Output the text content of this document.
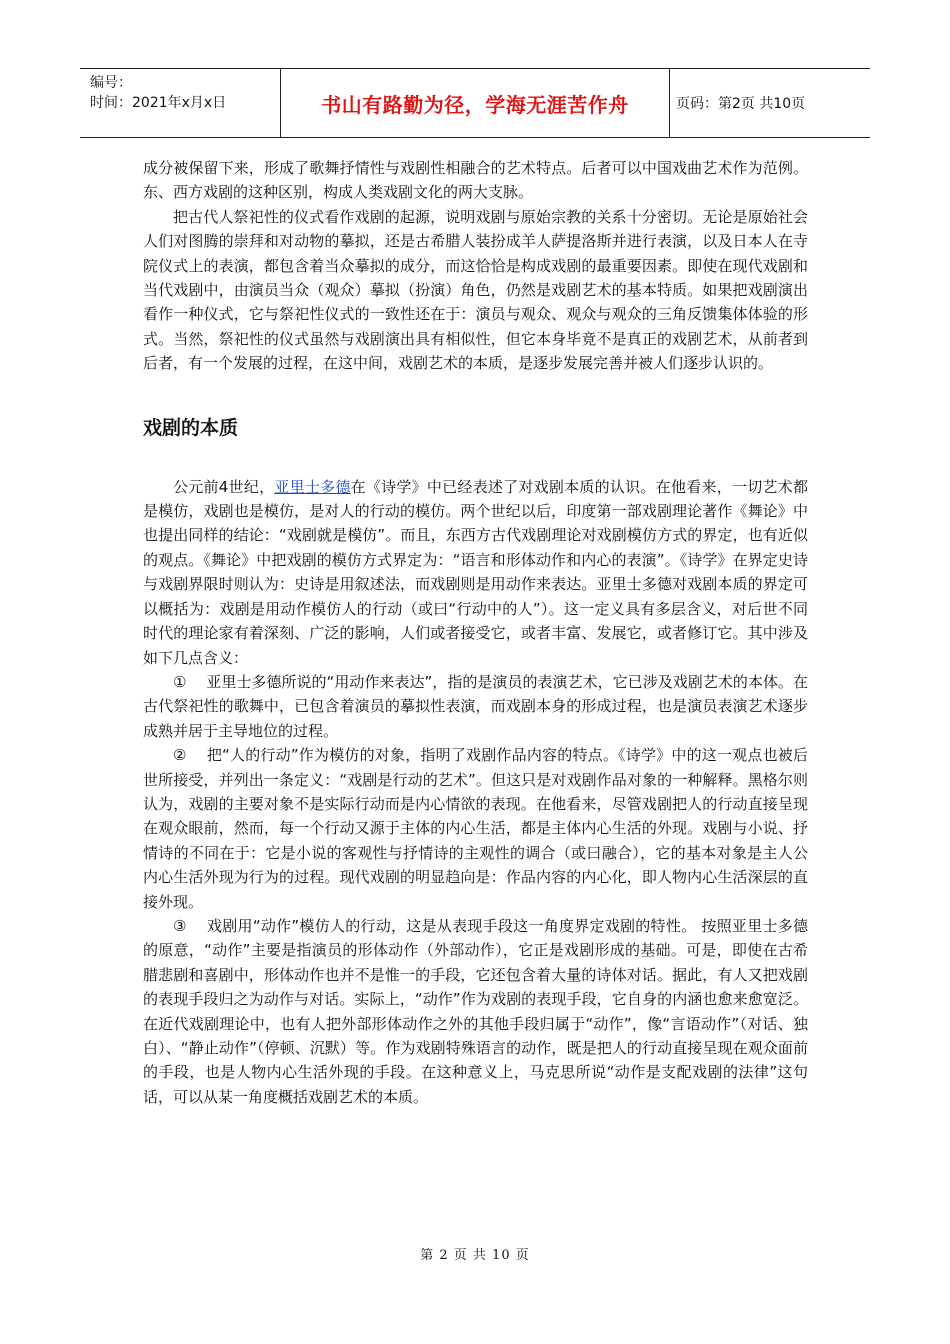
编号：
时间：2021年x月x日	书山有路勤为径，学海无涯苦作舟	页码：第2页 共10页

成分被保留下来，形成了歌舞抒情性与戏剧性相融合的艺术特点。后者可以中国戏曲艺术作为范例。东、西方戏剧的这种区别，构成人类戏剧文化的两大支脉。

把古代人祭祀性的仪式看作戏剧的起源，说明戏剧与原始宗教的关系十分密切。无论是原始社会人们对图腾的崇拜和对动物的摹拟，还是古希腊人装扮成羊人萨提洛斯并进行表演，以及日本人在寺院仪式上的表演，都包含着当众摹拟的成分，而这恰恰是构成戏剧的最重要因素。即使在现代戏剧和当代戏剧中，由演员当众（观众）摹拟（扮演）角色，仍然是戏剧艺术的基本特质。如果把戏剧演出看作一种仪式，它与祭祀性仪式的一致性还在于：演员与观众、观众与观众的三角反馈集体体验的形式。当然，祭祀性的仪式虽然与戏剧演出具有相似性，但它本身毕竟不是真正的戏剧艺术，从前者到后者，有一个发展的过程，在这中间，戏剧艺术的本质，是逐步发展完善并被人们逐步认识的。

戏剧的本质

公元前4世纪，亚里士多德在《诗学》中已经表述了对戏剧本质的认识。在他看来，一切艺术都是模仿，戏剧也是模仿，是对人的行动的模仿。两个世纪以后，印度第一部戏剧理论著作《舞论》中也提出同样的结论：“戏剧就是模仿”。而且，东西方古代戏剧理论对戏剧模仿方式的界定，也有近似的观点。《舞论》中把戏剧的模仿方式界定为：“语言和形体动作和内心的表演”。《诗学》在界定史诗与戏剧界限时则认为：史诗是用叙述法，而戏剧则是用动作来表达。亚里士多德对戏剧本质的界定可以概括为：戏剧是用动作模仿人的行动（或曰“行动中的人”）。这一定义具有多层含义，对后世不同时代的理论家有着深刻、广泛的影响，人们或者接受它，或者丰富、发展它，或者修订它。其中涉及如下几点含义：

①　 亚里士多德所说的“用动作来表达”，指的是演员的表演艺术，它已涉及戏剧艺术的本体。在古代祭祀性的歌舞中，已包含着演员的摹拟性表演，而戏剧本身的形成过程，也是演员表演艺术逐步成熟并居于主导地位的过程。

②　 把“人的行动”作为模仿的对象，指明了戏剧作品内容的特点。《诗学》中的这一观点也被后世所接受，并列出一条定义：“戏剧是行动的艺术”。但这只是对戏剧作品对象的一种解释。黑格尔则认为，戏剧的主要对象不是实际行动而是内心情欲的表现。在他看来，尽管戏剧把人的行动直接呈现在观众眼前，然而，每一个行动又源于主体的内心生活，都是主体内心生活的外现。戏剧与小说、抒情诗的不同在于：它是小说的客观性与抒情诗的主观性的调合（或曰融合），它的基本对象是主人公内心生活外现为行为的过程。现代戏剧的明显趋向是：作品内容的内心化，即人物内心生活深层的直接外现。

③　 戏剧用“动作”模仿人的行动，这是从表现手段这一角度界定戏剧的特性。 按照亚里士多德的原意，“动作”主要是指演员的形体动作（外部动作），它正是戏剧形成的基础。可是，即使在古希腊悲剧和喜剧中，形体动作也并不是惟一的手段，它还包含着大量的诗体对话。据此，有人又把戏剧的表现手段归之为动作与对话。实际上，“动作”作为戏剧的表现手段，它自身的内涵也愈来愈宽泛。在近代戏剧理论中，也有人把外部形体动作之外的其他手段归属于“动作”，像“言语动作”（对话、独白）、“静止动作”（停顿、沉默）等。作为戏剧特殊语言的动作，既是把人的行动直接呈现在观众面前的手段，也是人物内心生活外现的手段。在这种意义上，马克思所说“动作是支配戏剧的法律”这句话，可以从某一角度概括戏剧艺术的本质。

第 2 页 共 10 页
